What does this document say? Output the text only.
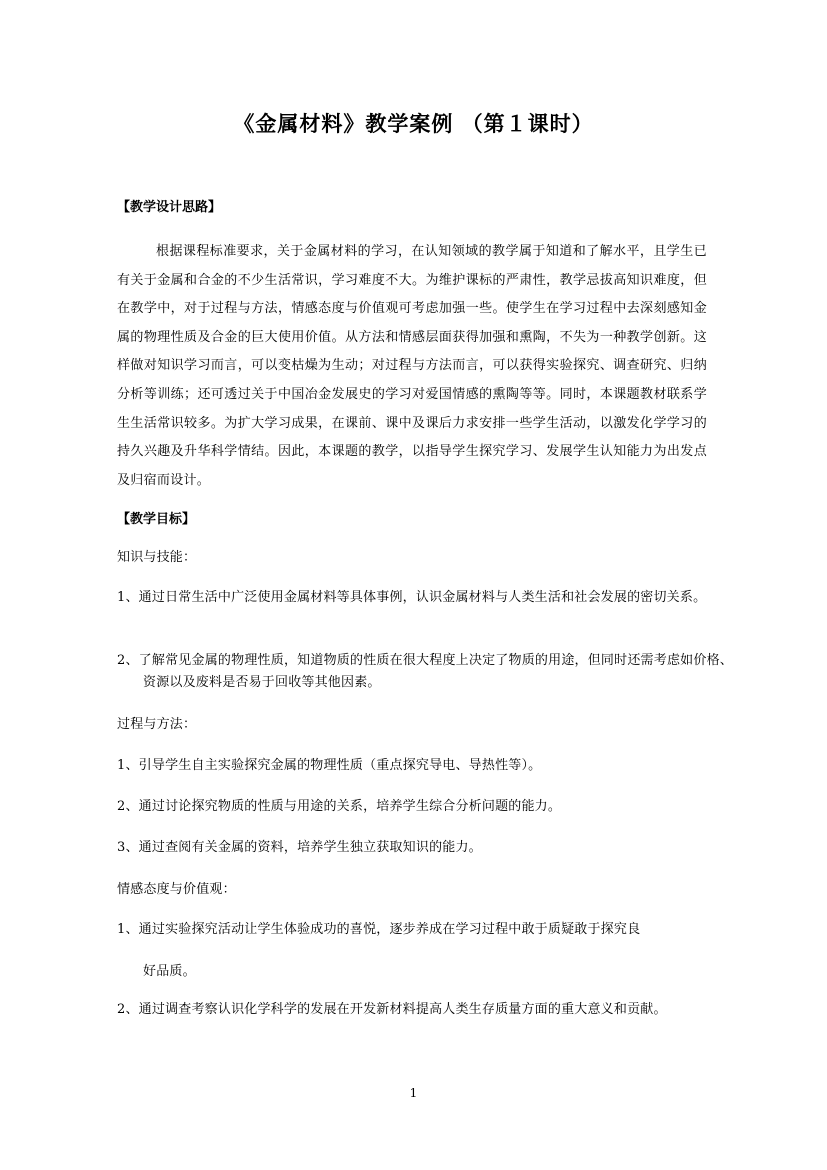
《金属材料》教学案例 （第１课时）
【教学设计思路】
根据课程标准要求，关于金属材料的学习，在认知领域的教学属于知道和了解水平，且学生已有关于金属和合金的不少生活常识，学习难度不大。为维护课标的严肃性，教学忌拔高知识难度，但在教学中，对于过程与方法，情感态度与价值观可考虑加强一些。使学生在学习过程中去深刻感知金属的物理性质及合金的巨大使用价值。从方法和情感层面获得加强和熏陶，不失为一种教学创新。这样做对知识学习而言，可以变枯燥为生动；对过程与方法而言，可以获得实验探究、调查研究、归纳分析等训练；还可透过关于中国冶金发展史的学习对爱国情感的熏陶等等。同时，本课题教材联系学生生活常识较多。为扩大学习成果，在课前、课中及课后力求安排一些学生活动，以激发化学学习的持久兴趣及升华科学情结。因此，本课题的教学，以指导学生探究学习、发展学生认知能力为出发点及归宿而设计。
【教学目标】
知识与技能：
1、通过日常生活中广泛使用金属材料等具体事例，认识金属材料与人类生活和社会发展的密切关系。
2、了解常见金属的物理性质，知道物质的性质在很大程度上决定了物质的用途，但同时还需考虑如价格、资源以及废料是否易于回收等其他因素。
过程与方法：
1、引导学生自主实验探究金属的物理性质（重点探究导电、导热性等）。
2、通过讨论探究物质的性质与用途的关系，培养学生综合分析问题的能力。
3、通过查阅有关金属的资料，培养学生独立获取知识的能力。
情感态度与价值观：
1、通过实验探究活动让学生体验成功的喜悦，逐步养成在学习过程中敢于质疑敢于探究良
好品质。
2、通过调查考察认识化学科学的发展在开发新材料提高人类生存质量方面的重大意义和贡献。
1
